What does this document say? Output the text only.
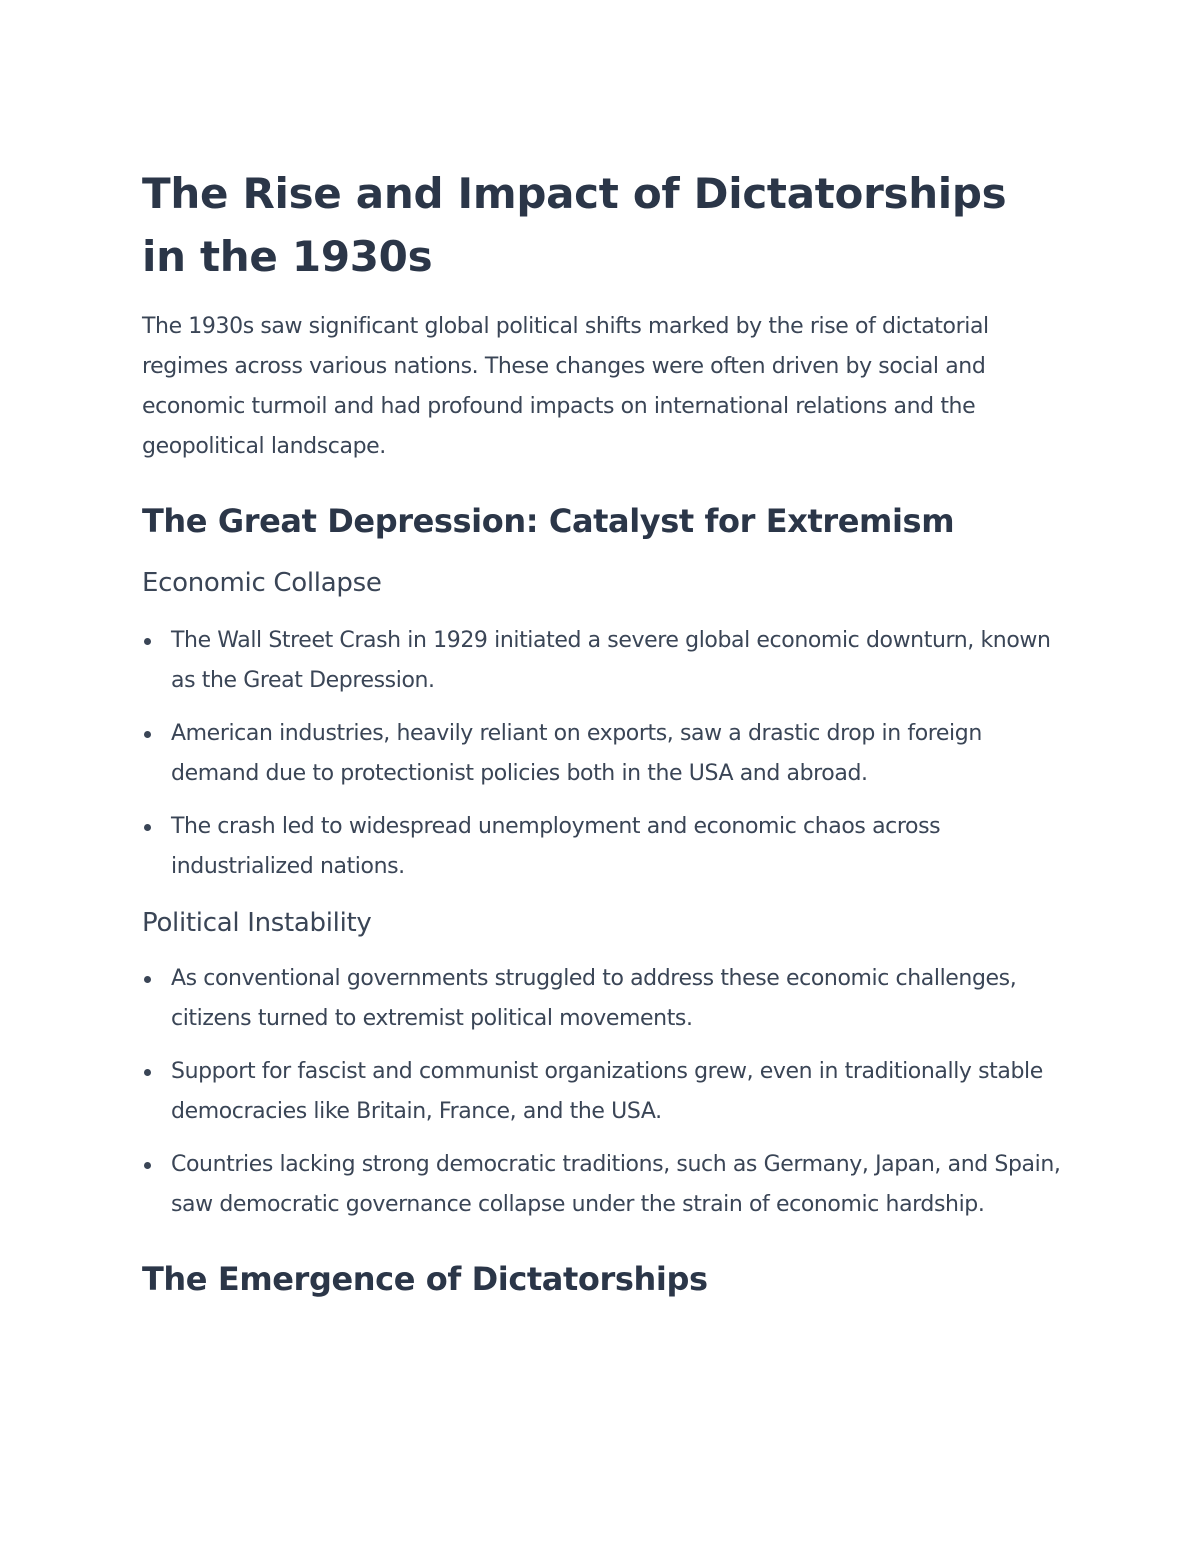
The Rise and Impact of Dictatorships in the 1930s

The 1930s saw significant global political shifts marked by the rise of dictatorial regimes across various nations. These changes were often driven by social and economic turmoil and had profound impacts on international relations and the geopolitical landscape.

The Great Depression: Catalyst for Extremism
Economic Collapse
The Wall Street Crash in 1929 initiated a severe global economic downturn, known as the Great Depression.
American industries, heavily reliant on exports, saw a drastic drop in foreign demand due to protectionist policies both in the USA and abroad.
The crash led to widespread unemployment and economic chaos across industrialized nations.
Political Instability
As conventional governments struggled to address these economic challenges, citizens turned to extremist political movements.
Support for fascist and communist organizations grew, even in traditionally stable democracies like Britain, France, and the USA.
Countries lacking strong democratic traditions, such as Germany, Japan, and Spain, saw democratic governance collapse under the strain of economic hardship.
The Emergence of Dictatorships
